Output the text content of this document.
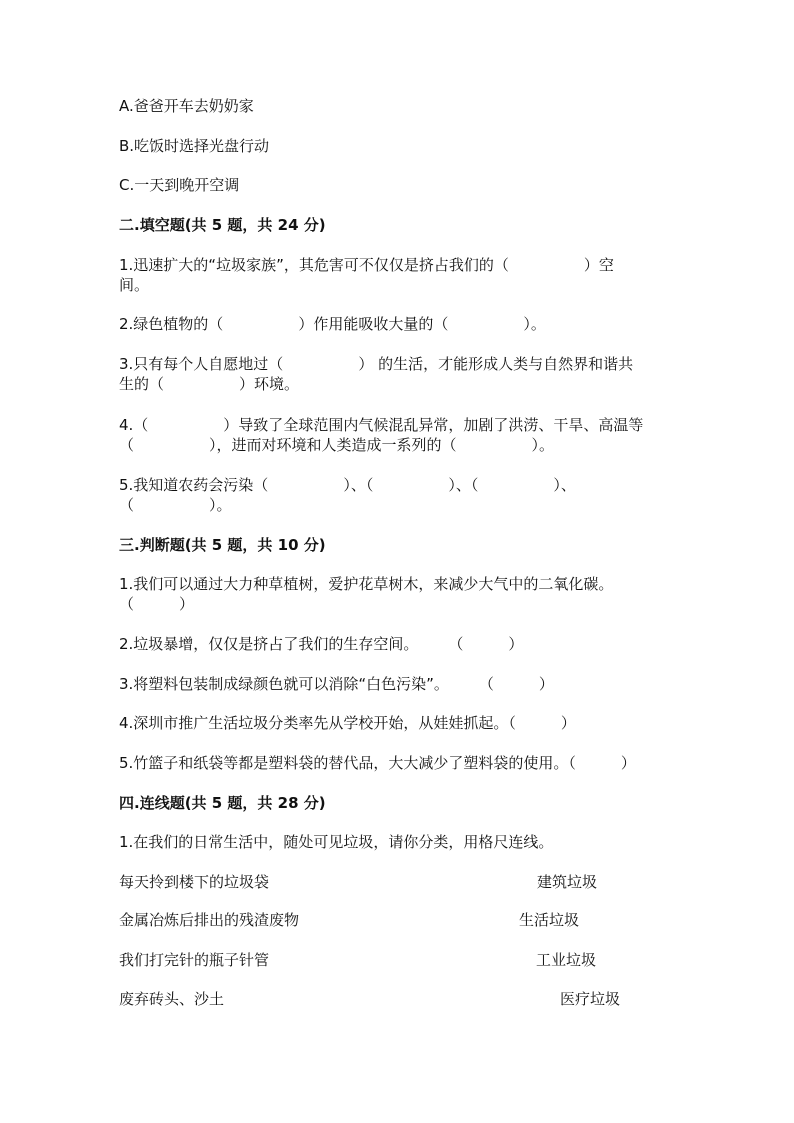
A.爸爸开车去奶奶家
B.吃饭时选择光盘行动
C.一天到晚开空调
二.填空题(共 5 题，共 24 分)
1.迅速扩大的“垃圾家族”，其危害可不仅仅是挤占我们的（　　　　　）空
间。
2.绿色植物的（　　　　　）作用能吸收大量的（　　　　　）。
3.只有每个人自愿地过（　　　　　） 的生活，才能形成人类与自然界和谐共
生的（　　　　　）环境。
4.（　　　　　）导致了全球范围内气候混乱异常，加剧了洪涝、干旱、高温等
（　　　　　），进而对环境和人类造成一系列的（　　　　　）。
5.我知道农药会污染（　　　　　）、（　　　　　）、（　　　　　）、
（　　　　　）。
三.判断题(共 5 题，共 10 分)
1.我们可以通过大力种草植树，爱护花草树木，来减少大气中的二氧化碳。
（　　　）
2.垃圾暴增，仅仅是挤占了我们的生存空间。　　　（　　　）
3.将塑料包装制成绿颜色就可以消除“白色污染”。　　　（　　　）
4.深圳市推广生活垃圾分类率先从学校开始，从娃娃抓起。（　　　）
5.竹篮子和纸袋等都是塑料袋的替代品，大大减少了塑料袋的使用。（　　　）
四.连线题(共 5 题，共 28 分)
1.在我们的日常生活中，随处可见垃圾，请你分类，用格尺连线。
每天拎到楼下的垃圾袋	建筑垃圾
金属冶炼后排出的残渣废物	生活垃圾
我们打完针的瓶子针管	工业垃圾
废弃砖头、沙土	医疗垃圾
